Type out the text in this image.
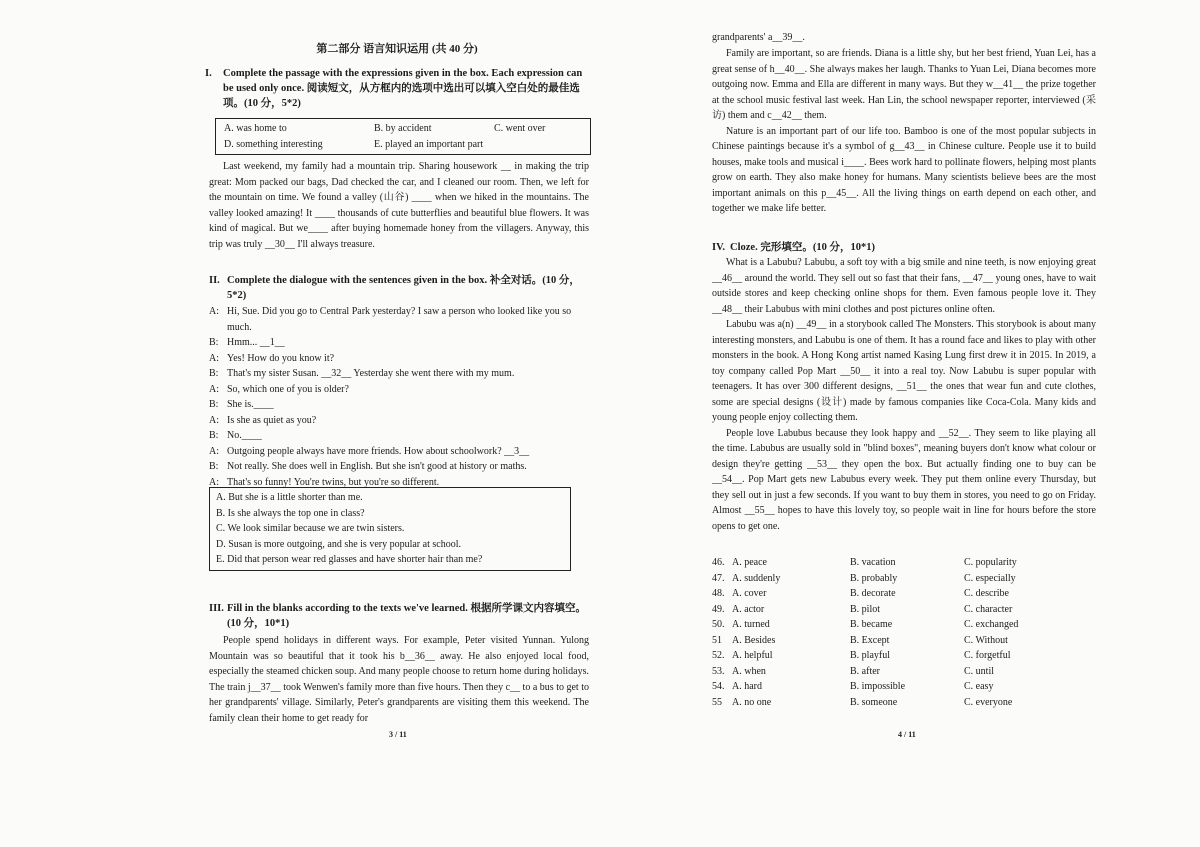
第二部分 语言知识运用 (共 40 分)
I.	Complete the passage with the expressions given in the box. Each expression can be used only once. 阅读短文，从方框内的选项中选出可以填入空白处的最佳选项。(10 分，5*2)
A. was home to	B. by accident	C. went over
D. something interesting	E. played an important part

Last weekend, my family had a mountain trip. Sharing housework __ in making the trip great: Mom packed our bags, Dad checked the car, and I cleaned our room. Then, we left for the mountain on time. We found a valley (山谷) ____ when we hiked in the mountains. The valley looked amazing! It ____ thousands of cute butterflies and beautiful blue flowers. It was kind of magical. But we____ after buying homemade honey from the villagers. Anyway, this trip was truly __30__ I'll always treasure.

II. Complete the dialogue with the sentences given in the box. 补全对话。(10 分，5*2)
A: Hi, Sue. Did you go to Central Park yesterday? I saw a person who looked like you so much.
B: Hmm... __1__
A: Yes! How do you know it?
B: That's my sister Susan. __32__ Yesterday she went there with my mum.
A: So, which one of you is older?
B: She is.____
A: Is she as quiet as you?
B: No.____
A: Outgoing people always have more friends. How about schoolwork? __3__
B: Not really. She does well in English. But she isn't good at history or maths.
A: That's so funny! You're twins, but you're so different.
A. But she is a little shorter than me.
B. Is she always the top one in class?
C. We look similar because we are twin sisters.
D. Susan is more outgoing, and she is very popular at school.
E. Did that person wear red glasses and have shorter hair than me?
III. Fill in the blanks according to the texts we've learned. 根据所学课文内容填空。(10 分，10*1)

People spend holidays in different ways. For example, Peter visited Yunnan. Yulong Mountain was so beautiful that it took his b__36__ away. He also enjoyed local food, especially the steamed chicken soup. And many people choose to return home during holidays. The train j__37__ took Wenwen's family more than five hours. Then they c__ to a bus to get to her grandparents' village. Similarly, Peter's grandparents are visiting them this weekend. The family clean their home to get ready for

3 / 11

grandparents' a__39__.

Family are important, so are friends. Diana is a little shy, but her best friend, Yuan Lei, has a great sense of h__40__. She always makes her laugh. Thanks to Yuan Lei, Diana becomes more outgoing now. Emma and Ella are different in many ways. But they w__41__ the prize together at the school music festival last week. Han Lin, the school newspaper reporter, interviewed (采访) them and c__42__ them.

Nature is an important part of our life too. Bamboo is one of the most popular subjects in Chinese paintings because it's a symbol of g__43__ in Chinese culture. People use it to build houses, make tools and musical i____. Bees work hard to pollinate flowers, helping most plants grow on earth. They also make honey for humans. Many scientists believe bees are the most important animals on this p__45__. All the living things on earth depend on each other, and together we make life better.

IV. Cloze. 完形填空。(10 分，10*1)

What is a Labubu? Labubu, a soft toy with a big smile and nine teeth, is now enjoying great __46__ around the world. They sell out so fast that their fans, __47__ young ones, have to wait outside stores and keep checking online shops for them. Even famous people love it. They __48__ their Labubus with mini clothes and post pictures online often.

Labubu was a(n) __49__ in a storybook called The Monsters. This storybook is about many interesting monsters, and Labubu is one of them. It has a round face and likes to play with other monsters in the book. A Hong Kong artist named Kasing Lung first drew it in 2015. In 2019, a toy company called Pop Mart __50__ it into a real toy. Now Labubu is super popular with teenagers. It has over 300 different designs, __51__ the ones that wear fun and cute clothes, some are special designs (设计) made by famous companies like Coca-Cola. Many kids and young people enjoy collecting them.

People love Labubus because they look happy and __52__. They seem to like playing all the time. Labubus are usually sold in "blind boxes", meaning buyers don't know what colour or design they're getting __53__ they open the box. But actually finding one to buy can be __54__. Pop Mart gets new Labubus every week. They put them online every Thursday, but they sell out in just a few seconds. If you want to buy them in stores, you need to go on Friday. Almost __55__ hopes to have this lovely toy, so people wait in line for hours before the store opens to get one.

46. A. peace	B. vacation	C. popularity
47. A. suddenly	B. probably	C. especially
48. A. cover	B. decorate	C. describe
49. A. actor	B. pilot	C. character
50. A. turned	B. became	C. exchanged
51	A. Besides	B. Except	C. Without
52. A. helpful	B. playful	C. forgetful
53. A. when	B. after	C. until
54. A. hard	B. impossible	C. easy
55	A. no one	B. someone	C. everyone
4 / 11
